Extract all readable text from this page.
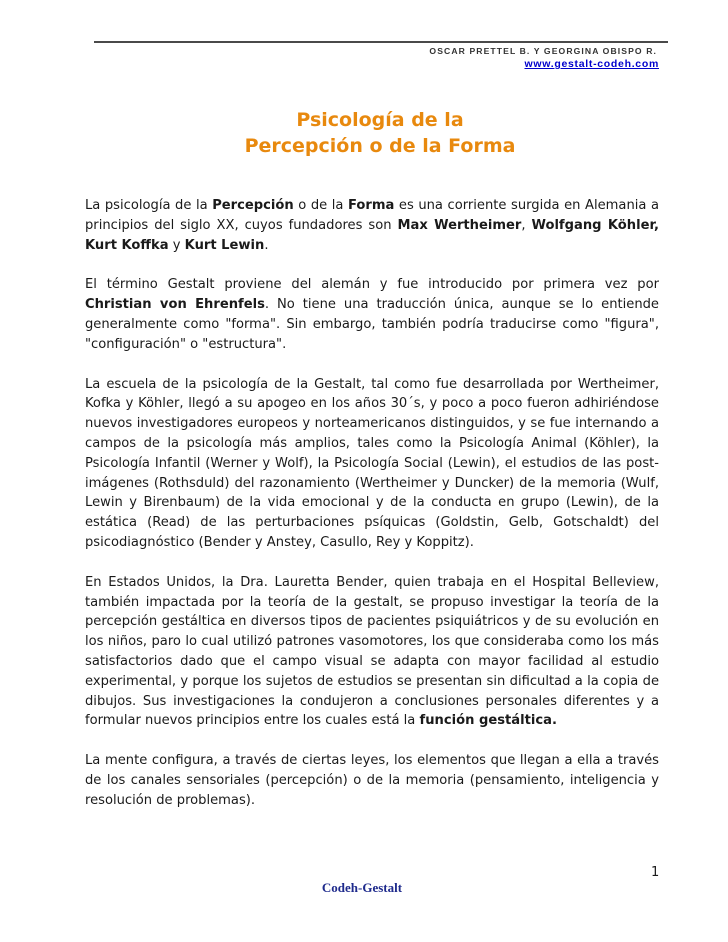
OSCAR PRETTEL B. Y GEORGINA OBISPO R.
www.gestalt-codeh.com
Psicología de la
Percepción o de la Forma

La psicología de la Percepción o de la Forma es una corriente surgida en Alemania a principios del siglo XX, cuyos fundadores son Max Wertheimer, Wolfgang Köhler, Kurt Koffka y Kurt Lewin.

El término Gestalt proviene del alemán y fue introducido por primera vez por Christian von Ehrenfels. No tiene una traducción única, aunque se lo entiende generalmente como "forma". Sin embargo, también podría traducirse como "figura", "configuración" o "estructura".

La escuela de la psicología de la Gestalt, tal como fue desarrollada por Wertheimer, Kofka y Köhler, llegó a su apogeo en los años 30´s, y poco a poco fueron adhiriéndose nuevos investigadores europeos y norteamericanos distinguidos, y se fue internando a campos de la psicología más amplios, tales como la Psicología Animal (Köhler), la Psicología Infantil (Werner y Wolf), la Psicología Social (Lewin), el estudios de las post-imágenes (Rothsduld) del razonamiento (Wertheimer y Duncker) de la memoria (Wulf, Lewin y Birenbaum) de la vida emocional y de la conducta en grupo (Lewin), de la estática (Read) de las perturbaciones psíquicas (Goldstin, Gelb, Gotschaldt) del psicodiagnóstico (Bender y Anstey, Casullo, Rey y Koppitz).

En Estados Unidos, la Dra. Lauretta Bender, quien trabaja en el Hospital Belleview, también impactada por la teoría de la gestalt, se propuso investigar la teoría de la percepción gestáltica en diversos tipos de pacientes psiquiátricos y de su evolución en los niños, paro lo cual utilizó patrones vasomotores, los que consideraba como los más satisfactorios dado que el campo visual se adapta con mayor facilidad al estudio experimental, y porque los sujetos de estudios se presentan sin dificultad a la copia de dibujos. Sus investigaciones la condujeron a conclusiones personales diferentes y a formular nuevos principios entre los cuales está la función gestáltica.

La mente configura, a través de ciertas leyes, los elementos que llegan a ella a través de los canales sensoriales (percepción) o de la memoria (pensamiento, inteligencia y resolución de problemas).

1
Codeh-Gestalt
